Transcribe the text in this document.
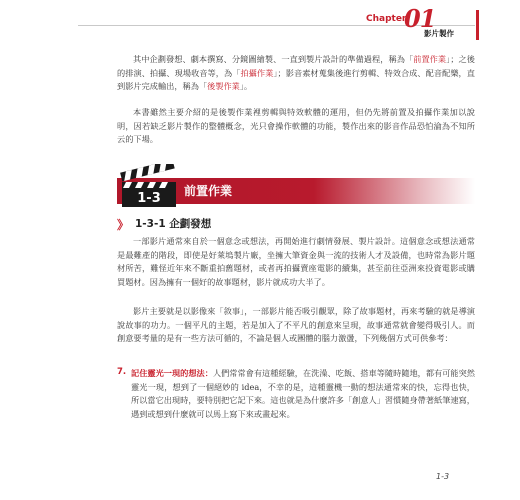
Chapter
01
影片製作

其中企劃發想、劇本撰寫、分鏡圖繪製、一直到製片設計的準備過程，稱為「前置作業」；之後的排演、拍攝、現場收音等，為「拍攝作業」；影音素材蒐集後進行剪輯、特效合成、配音配樂，直到影片完成輸出，稱為「後製作業」。

本書雖然主要介紹的是後製作業裡剪輯與特效軟體的運用，但仍先將前置及拍攝作業加以說明，因若缺乏影片製作的整體概念，光只會操作軟體的功能，製作出來的影音作品恐怕淪為不知所云的下場。

1-3 前置作業
》 1-3-1 企劃發想

一部影片通常來自於一個意念或想法，再開始進行劇情發展、製片設計。這個意念或想法通常是最難產的階段，即使是好萊塢製片廠，坐擁大筆資金與一流的技術人才及設備，也時常為影片題材所苦，難怪近年來不斷重拍舊題材，或者再拍攝賣座電影的續集，甚至前往亞洲來投資電影或購買題材。因為擁有一個好的故事題材，影片就成功大半了。

影片主要就是以影像來「敘事」，一部影片能否吸引觀眾，除了故事題材，再來考驗的就是導演說故事的功力。一個平凡的主題，若是加入了不平凡的創意來呈現，故事通常就會變得吸引人。而創意要考量的是有一些方法可循的，不論是個人或團體的腦力激盪，下列幾個方式可供參考：

7. 記住靈光一現的想法：人們常常會有這種經驗，在洗澡、吃飯、搭車等隨時隨地，都有可能突然靈光一現，想到了一個絕妙的 idea，不幸的是，這種靈機一動的想法通常來的快，忘得也快，所以當它出現時，要特別把它記下來。這也就是為什麼許多「創意人」習慣隨身帶著紙筆速寫，遇到或想到什麼就可以馬上寫下來或畫起來。

1-3
